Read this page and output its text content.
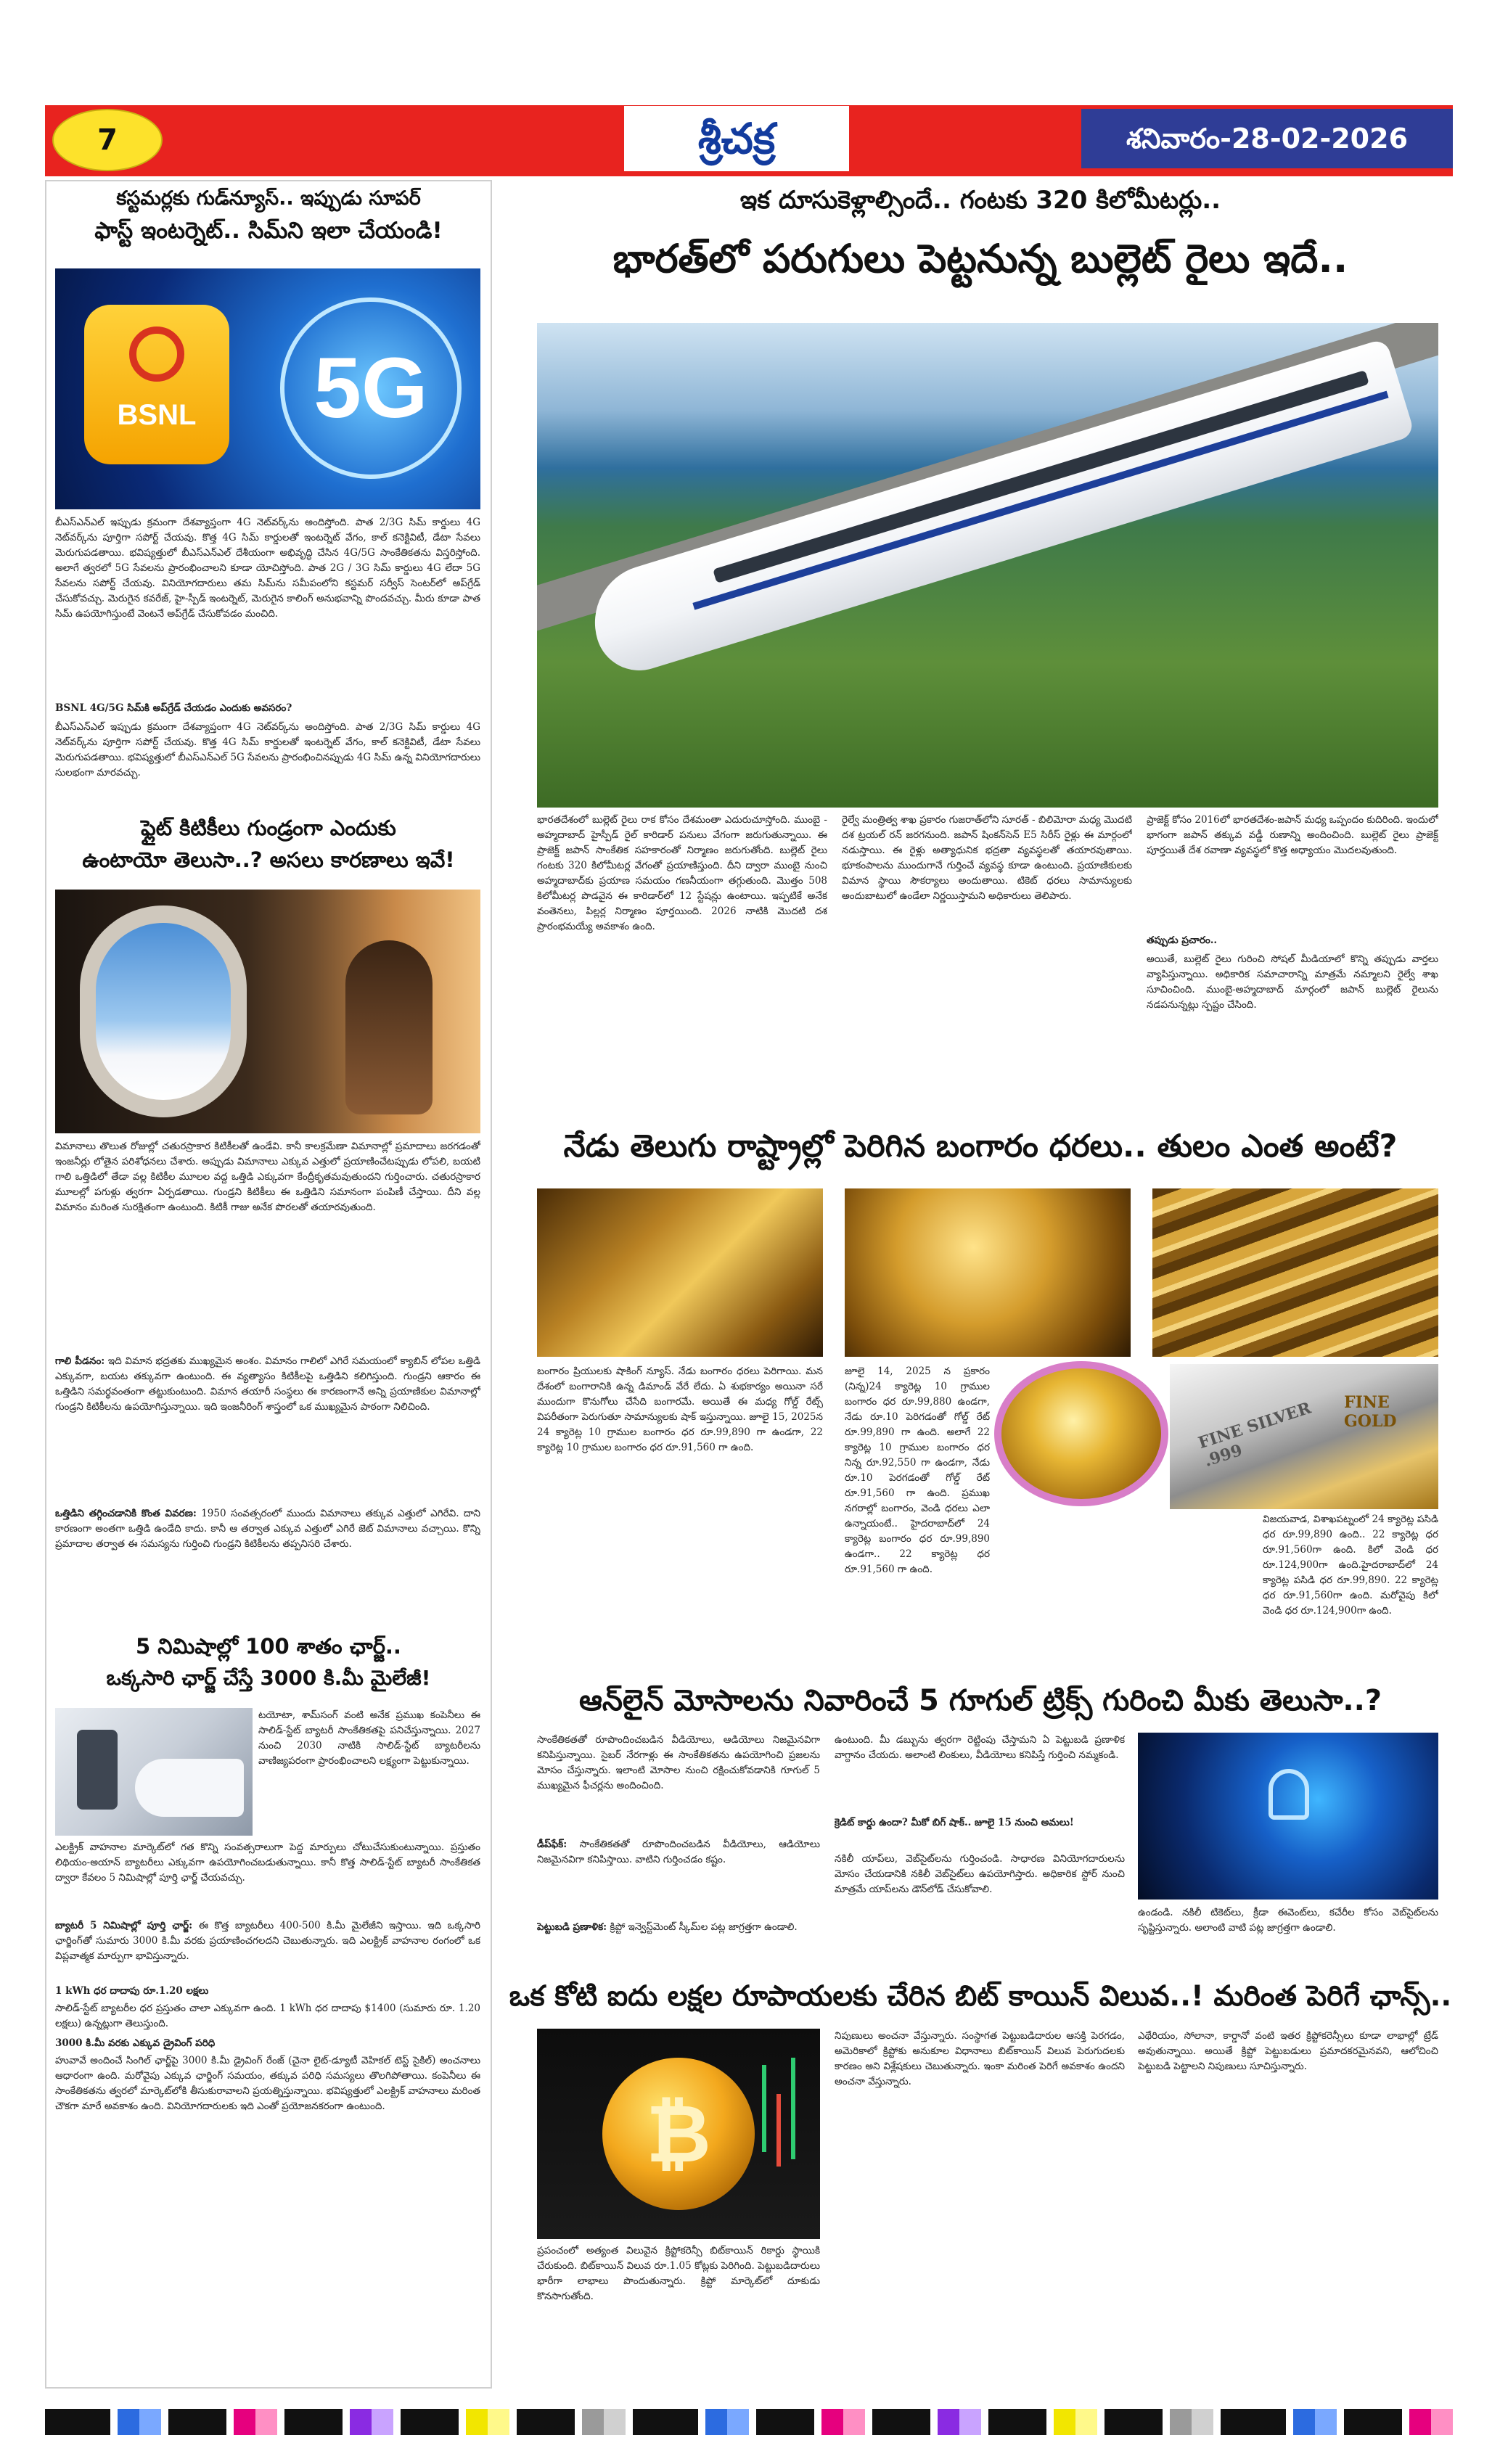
7	శ్రీచక్ర	శనివారం-28-02-2026
కస్టమర్లకు గుడ్‌న్యూస్.. ఇప్పుడు సూపర్
ఫాస్ట్ ఇంటర్నెట్.. సిమ్‌ని ఇలా చేయండి!
BSNL	5G
బీఎస్ఎన్ఎల్ ఇప్పుడు క్రమంగా దేశవ్యాప్తంగా 4G నెట్‌వర్క్‌ను అందిస్తోంది. పాత 2/3G సిమ్ కార్డులు 4G నెట్‌వర్క్‌ను పూర్తిగా సపోర్ట్ చేయవు. కొత్త 4G సిమ్ కార్డులతో ఇంటర్నెట్ వేగం, కాల్ కనెక్టివిటీ, డేటా సేవలు మెరుగుపడతాయి. భవిష్యత్తులో బీఎస్ఎన్ఎల్ దేశీయంగా అభివృద్ధి చేసిన 4G/5G సాంకేతికతను విస్తరిస్తోంది. అలాగే త్వరలో 5G సేవలను ప్రారంభించాలని కూడా యోచిస్తోంది. పాత 2G / 3G సిమ్ కార్డులు 4G లేదా 5G సేవలను సపోర్ట్ చేయవు. వినియోగదారులు తమ సిమ్‌ను సమీపంలోని కస్టమర్ సర్వీస్ సెంటర్‌లో అప్‌గ్రేడ్ చేసుకోవచ్చు. మెరుగైన కవరేజ్, హై-స్పీడ్ ఇంటర్నెట్, మెరుగైన కాలింగ్ అనుభవాన్ని పొందవచ్చు. మీరు కూడా పాత సిమ్ ఉపయోగిస్తుంటే వెంటనే అప్‌గ్రేడ్ చేసుకోవడం మంచిది.
BSNL 4G/5G సిమ్‌కి అప్‌గ్రేడ్ చేయడం ఎందుకు అవసరం?
బీఎస్ఎన్ఎల్ ఇప్పుడు క్రమంగా దేశవ్యాప్తంగా 4G నెట్‌వర్క్‌ను అందిస్తోంది. పాత 2/3G సిమ్ కార్డులు 4G నెట్‌వర్క్‌ను పూర్తిగా సపోర్ట్ చేయవు. కొత్త 4G సిమ్ కార్డులతో ఇంటర్నెట్ వేగం, కాల్ కనెక్టివిటీ, డేటా సేవలు మెరుగుపడతాయి. భవిష్యత్తులో బీఎస్ఎన్ఎల్ 5G సేవలను ప్రారంభించినప్పుడు 4G సిమ్ ఉన్న వినియోగదారులు సులభంగా మారవచ్చు.
ఫ్లైట్ కిటికీలు గుండ్రంగా ఎందుకు
ఉంటాయో తెలుసా..? అసలు కారణాలు ఇవే!
విమానాలు తొలుత రోజుల్లో చతురస్రాకార కిటికీలతో ఉండేవి. కానీ కాలక్రమేణా విమానాల్లో ప్రమాదాలు జరగడంతో ఇంజనీర్లు లోతైన పరిశోధనలు చేశారు. అప్పుడు విమానాలు ఎక్కువ ఎత్తులో ప్రయాణించేటప్పుడు లోపలి, బయటి గాలి ఒత్తిడిలో తేడా వల్ల కిటికీల మూలల వద్ద ఒత్తిడి ఎక్కువగా కేంద్రీకృతమవుతుందని గుర్తించారు. చతురస్రాకార మూలల్లో పగుళ్లు త్వరగా ఏర్పడతాయి. గుండ్రని కిటికీలు ఈ ఒత్తిడిని సమానంగా పంపిణీ చేస్తాయి. దీని వల్ల విమానం మరింత సురక్షితంగా ఉంటుంది. కిటికీ గాజు అనేక పొరలతో తయారవుతుంది.
గాలి పీడనం: ఇది విమాన భద్రతకు ముఖ్యమైన అంశం. విమానం గాలిలో ఎగిరే సమయంలో క్యాబిన్ లోపల ఒత్తిడి ఎక్కువగా, బయట తక్కువగా ఉంటుంది. ఈ వ్యత్యాసం కిటికీలపై ఒత్తిడిని కలిగిస్తుంది. గుండ్రని ఆకారం ఈ ఒత్తిడిని సమర్థవంతంగా తట్టుకుంటుంది. విమాన తయారీ సంస్థలు ఈ కారణంగానే అన్ని ప్రయాణికుల విమానాల్లో గుండ్రని కిటికీలను ఉపయోగిస్తున్నాయి. ఇది ఇంజనీరింగ్ శాస్త్రంలో ఒక ముఖ్యమైన పాఠంగా నిలిచింది.
ఒత్తిడిని తగ్గించడానికి కొంత వివరణ: 1950 సంవత్సరంలో ముందు విమానాలు తక్కువ ఎత్తులో ఎగిరేవి. దాని కారణంగా అంతగా ఒత్తిడి ఉండేది కాదు. కానీ ఆ తర్వాత ఎక్కువ ఎత్తులో ఎగిరే జెట్ విమానాలు వచ్చాయి. కొన్ని ప్రమాదాల తర్వాత ఈ సమస్యను గుర్తించి గుండ్రని కిటికీలను తప్పనిసరి చేశారు.
5 నిమిషాల్లో 100 శాతం ఛార్జ్..
ఒక్కసారి ఛార్జ్ చేస్తే 3000 కి.మీ మైలేజీ!
టయోటా, శామ్‌సంగ్ వంటి అనేక ప్రముఖ కంపెనీలు ఈ సాలిడ్-స్టేట్ బ్యాటరీ సాంకేతికతపై పనిచేస్తున్నాయి. 2027 నుంచి 2030 నాటికి సాలిడ్-స్టేట్ బ్యాటరీలను వాణిజ్యపరంగా ప్రారంభించాలని లక్ష్యంగా పెట్టుకున్నాయి.
ఎలక్ట్రిక్ వాహనాల మార్కెట్‌లో గత కొన్ని సంవత్సరాలుగా పెద్ద మార్పులు చోటుచేసుకుంటున్నాయి. ప్రస్తుతం లిథియం-అయాన్ బ్యాటరీలు ఎక్కువగా ఉపయోగించబడుతున్నాయి. కానీ కొత్త సాలిడ్-స్టేట్ బ్యాటరీ సాంకేతికత ద్వారా కేవలం 5 నిమిషాల్లో పూర్తి ఛార్జ్ చేయవచ్చు.
బ్యాటరీ 5 నిమిషాల్లో పూర్తి ఛార్జ్: ఈ కొత్త బ్యాటరీలు 400-500 కి.మీ మైలేజీని ఇస్తాయి. ఇది ఒక్కసారి ఛార్జింగ్‌తో సుమారు 3000 కి.మీ వరకు ప్రయాణించగలదని చెబుతున్నారు. ఇది ఎలక్ట్రిక్ వాహనాల రంగంలో ఒక విప్లవాత్మక మార్పుగా భావిస్తున్నారు.
1 kWh ధర దాదాపు రూ.1.20 లక్షలు
సాలిడ్-స్టేట్ బ్యాటరీల ధర ప్రస్తుతం చాలా ఎక్కువగా ఉంది. 1 kWh ధర దాదాపు $1400 (సుమారు రూ. 1.20 లక్షలు) ఉన్నట్లుగా తెలుస్తుంది.
3000 కి.మీ వరకు ఎక్కువ డ్రైవింగ్ పరిధి
హువావే అందించే సింగిల్ ఛార్జ్‌పై 3000 కి.మీ డ్రైవింగ్ రేంజ్ (చైనా లైట్-డ్యూటీ వెహికల్ టెస్ట్ సైకిల్) అంచనాలు ఆధారంగా ఉంది. మరోవైపు ఎక్కువ ఛార్జింగ్ సమయం, తక్కువ పరిధి సమస్యలు తొలగిపోతాయి. కంపెనీలు ఈ సాంకేతికతను త్వరలో మార్కెట్‌లోకి తీసుకురావాలని ప్రయత్నిస్తున్నాయి. భవిష్యత్తులో ఎలక్ట్రిక్ వాహనాలు మరింత చౌకగా మారే అవకాశం ఉంది. వినియోగదారులకు ఇది ఎంతో ప్రయోజనకరంగా ఉంటుంది.
ఇక దూసుకెళ్లాల్సిందే.. గంటకు 320 కిలోమీటర్లు..
భారత్‌లో పరుగులు పెట్టనున్న బుల్లెట్ రైలు ఇదే..
భారతదేశంలో బుల్లెట్ రైలు రాక కోసం దేశమంతా ఎదురుచూస్తోంది. ముంబై - అహ్మదాబాద్ హైస్పీడ్ రైల్ కారిడార్ పనులు వేగంగా జరుగుతున్నాయి. ఈ ప్రాజెక్ట్ జపాన్ సాంకేతిక సహకారంతో నిర్మాణం జరుగుతోంది. బుల్లెట్ రైలు గంటకు 320 కిలోమీటర్ల వేగంతో ప్రయాణిస్తుంది. దీని ద్వారా ముంబై నుంచి అహ్మదాబాద్‌కు ప్రయాణ సమయం గణనీయంగా తగ్గుతుంది. మొత్తం 508 కిలోమీటర్ల పొడవైన ఈ కారిడార్‌లో 12 స్టేషన్లు ఉంటాయి. ఇప్పటికే అనేక వంతెనలు, పిల్లర్ల నిర్మాణం పూర్తయింది. 2026 నాటికి మొదటి దశ ప్రారంభమయ్యే అవకాశం ఉంది.
రైల్వే మంత్రిత్వ శాఖ ప్రకారం గుజరాత్‌లోని సూరత్ - బిలిమోరా మధ్య మొదటి దశ ట్రయల్ రన్ జరగనుంది. జపాన్ షింకన్‌సెన్ E5 సిరీస్ రైళ్లు ఈ మార్గంలో నడుస్తాయి. ఈ రైళ్లు అత్యాధునిక భద్రతా వ్యవస్థలతో తయారవుతాయి. భూకంపాలను ముందుగానే గుర్తించే వ్యవస్థ కూడా ఉంటుంది. ప్రయాణికులకు విమాన స్థాయి సౌకర్యాలు అందుతాయి. టికెట్ ధరలు సామాన్యులకు అందుబాటులో ఉండేలా నిర్ణయిస్తామని అధికారులు తెలిపారు.
ప్రాజెక్ట్ కోసం 2016లో భారతదేశం-జపాన్ మధ్య ఒప్పందం కుదిరింది. ఇందులో భాగంగా జపాన్ తక్కువ వడ్డీ రుణాన్ని అందించింది. బుల్లెట్ రైలు ప్రాజెక్ట్ పూర్తయితే దేశ రవాణా వ్యవస్థలో కొత్త అధ్యాయం మొదలవుతుంది.
తప్పుడు ప్రచారం..
అయితే, బుల్లెట్ రైలు గురించి సోషల్ మీడియాలో కొన్ని తప్పుడు వార్తలు వ్యాపిస్తున్నాయి. అధికారిక సమాచారాన్ని మాత్రమే నమ్మాలని రైల్వే శాఖ సూచించింది. ముంబై-అహ్మదాబాద్ మార్గంలో జపాన్ బుల్లెట్ రైలును నడపనున్నట్లు స్పష్టం చేసింది.
నేడు తెలుగు రాష్ట్రాల్లో పెరిగిన బంగారం ధరలు.. తులం ఎంత అంటే?
బంగారం ప్రియులకు షాకింగ్ న్యూస్. నేడు బంగారం ధరలు పెరిగాయి. మన దేశంలో బంగారానికి ఉన్న డిమాండ్ వేరే లేదు. ఏ శుభకార్యం అయినా సరే ముందుగా కొనుగోలు చేసేది బంగారమే. అయితే ఈ మధ్య గోల్డ్ రేట్స్ విపరీతంగా పెరుగుతూ సామాన్యులకు షాక్ ఇస్తున్నాయి. జూలై 15, 2025న 24 క్యారెట్ల 10 గ్రాముల బంగారం ధర రూ.99,890 గా ఉండగా, 22 క్యారెట్ల 10 గ్రాముల బంగారం ధర రూ.91,560 గా ఉంది.
జూలై 14, 2025 న ప్రకారం (నిన్న)24 క్యారెట్ల 10 గ్రాముల బంగారం ధర రూ.99,880 ఉండగా, నేడు రూ.10 పెరిగడంతో గోల్డ్ రేట్ రూ.99,890 గా ఉంది. అలాగే 22 క్యారెట్ల 10 గ్రాముల బంగారం ధర నిన్న రూ.92,550 గా ఉండగా, నేడు రూ.10 పెరగడంతో గోల్డ్ రేట్ రూ.91,560 గా ఉంది. ప్రముఖ నగరాల్లో బంగారం, వెండి ధరలు ఎలా ఉన్నాయంటే.. హైదరాబాద్‌లో 24 క్యారెట్ల బంగారం ధర రూ.99,890 ఉండగా.. 22 క్యారెట్ల ధర రూ.91,560 గా ఉంది.
FINE SILVER .999
FINE GOLD
విజయవాడ, విశాఖపట్నంలో 24 క్యారెట్ల పసిడి ధర రూ.99,890 ఉంది.. 22 క్యారెట్ల ధర రూ.91,560గా ఉంది. కిలో వెండి ధర రూ.124,900గా ఉంది.హైదరాబాద్‌లో 24 క్యారెట్ల పసిడి ధర రూ.99,890. 22 క్యారెట్ల ధర రూ.91,560గా ఉంది. మరోవైపు కిలో వెండి ధర రూ.124,900గా ఉంది.
ఆన్‌లైన్ మోసాలను నివారించే 5 గూగుల్ ట్రిక్స్ గురించి మీకు తెలుసా..?
సాంకేతికతతో రూపొందించబడిన వీడియోలు, ఆడియోలు నిజమైనవిగా కనిపిస్తున్నాయి. సైబర్ నేరగాళ్లు ఈ సాంకేతికతను ఉపయోగించి ప్రజలను మోసం చేస్తున్నారు. ఇలాంటి మోసాల నుంచి రక్షించుకోవడానికి గూగుల్ 5 ముఖ్యమైన ఫీచర్లను అందించింది.
డీప్‌ఫేక్: సాంకేతికతతో రూపొందించబడిన వీడియోలు, ఆడియోలు నిజమైనవిగా కనిపిస్తాయి. వాటిని గుర్తించడం కష్టం.
పెట్టుబడి ప్రణాళిక: క్రిప్టో ఇన్వెస్ట్‌మెంట్ స్కీమ్‌ల పట్ల జాగ్రత్తగా ఉండాలి.
ఉంటుంది. మీ డబ్బును త్వరగా రెట్టింపు చేస్తామని ఏ పెట్టుబడి ప్రణాళిక వాగ్దానం చేయదు. అలాంటి లింకులు, వీడియోలు కనిపిస్తే గుర్తించి నమ్మకండి.
క్రెడిట్ కార్డు ఉందా? మీకో బిగ్ షాక్.. జూలై 15 నుంచి అమలు!
నకిలీ యాప్‌లు, వెబ్‌సైట్‌లను గుర్తించండి. సాధారణ వినియోగదారులను మోసం చేయడానికి నకిలీ వెబ్‌సైట్‌లు ఉపయోగిస్తారు. అధికారిక స్టోర్ నుంచి మాత్రమే యాప్‌లను డౌన్‌లోడ్ చేసుకోవాలి.
ఉండండి. నకిలీ టికెట్‌లు, క్రీడా ఈవెంట్‌లు, కచేరీల కోసం వెబ్‌సైట్‌లను సృష్టిస్తున్నారు. అలాంటి వాటి పట్ల జాగ్రత్తగా ఉండాలి.
ఒక కోటి ఐదు లక్షల రూపాయలకు చేరిన బిట్ కాయిన్ విలువ..! మరింత పెరిగే ఛాన్స్..
₿
ప్రపంచంలో అత్యంత విలువైన క్రిప్టోకరెన్సీ బిట్‌కాయిన్ రికార్డు స్థాయికి చేరుకుంది. బిట్‌కాయిన్ విలువ రూ.1.05 కోట్లకు పెరిగింది. పెట్టుబడిదారులు భారీగా లాభాలు పొందుతున్నారు. క్రిప్టో మార్కెట్‌లో దూకుడు కొనసాగుతోంది.
నిపుణులు అంచనా వేస్తున్నారు. సంస్థాగత పెట్టుబడిదారుల ఆసక్తి పెరగడం, అమెరికాలో క్రిప్టోకు అనుకూల విధానాలు బిట్‌కాయిన్ విలువ పెరుగుదలకు కారణం అని విశ్లేషకులు చెబుతున్నారు. ఇంకా మరింత పెరిగే అవకాశం ఉందని అంచనా వేస్తున్నారు.
ఎథేరియం, సోలానా, కార్డానో వంటి ఇతర క్రిప్టోకరెన్సీలు కూడా లాభాల్లో ట్రేడ్ అవుతున్నాయి. అయితే క్రిప్టో పెట్టుబడులు ప్రమాదకరమైనవని, ఆలోచించి పెట్టుబడి పెట్టాలని నిపుణులు సూచిస్తున్నారు.
